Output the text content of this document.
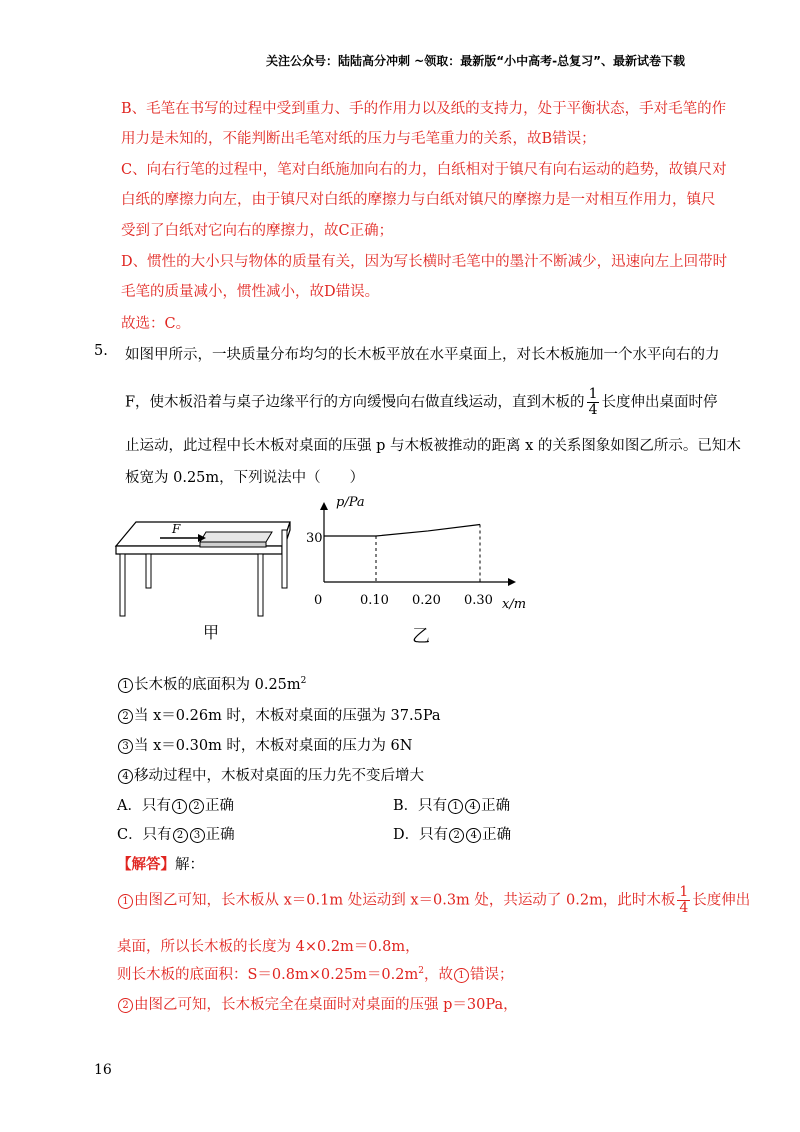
关注公众号：陆陆高分冲刺 ~领取：最新版“小中高考-总复习”、最新试卷下载
B、毛笔在书写的过程中受到重力、手的作用力以及纸的支持力，处于平衡状态，手对毛笔的作
用力是未知的，不能判断出毛笔对纸的压力与毛笔重力的关系，故B错误；
C、向右行笔的过程中，笔对白纸施加向右的力，白纸相对于镇尺有向右运动的趋势，故镇尺对
白纸的摩擦力向左，由于镇尺对白纸的摩擦力与白纸对镇尺的摩擦力是一对相互作用力，镇尺
受到了白纸对它向右的摩擦力，故C正确；
D、惯性的大小只与物体的质量有关，因为写长横时毛笔中的墨汁不断减少，迅速向左上回带时
毛笔的质量减小，惯性减小，故D错误。
故选：C。
5. 如图甲所示，一块质量分布均匀的长木板平放在水平桌面上，对长木板施加一个水平向右的力
F，使木板沿着与桌子边缘平行的方向缓慢向右做直线运动，直到木板的 $\frac{1}{4}$ 长度伸出桌面时停
止运动，此过程中长木板对桌面的压强 p 与木板被推动的距离 x 的关系图象如图乙所示。已知木
板宽为 0.25m，下列说法中（　　）
F
甲
p/Pa
x/m
0
30
0.10 0.20 0.30
乙
1 长木板的底面积为 $0.25m^2$
2 当 x＝0.26m 时，木板对桌面的压强为 37.5Pa
3 当 x＝0.30m 时，木板对桌面的压力为 6N
4 移动过程中，木板对桌面的压力先不变后增大
A．只有 1 2 正确	B．只有 1 4 正确
C．只有 2 3 正确	D．只有 2 4 正确
【解答】解：
1 由图乙可知，长木板从 x＝0.1m 处运动到 x＝0.3m 处，共运动了 0.2m，此时木板 $\frac{1}{4}$ 长度伸出
桌面，所以长木板的长度为 4×0.2m＝0.8m，
则长木板的底面积：$S=0.8m\times 0.25m=0.2m^2$，故 1 错误；
2 由图乙可知，长木板完全在桌面时对桌面的压强 p＝30Pa，
16
